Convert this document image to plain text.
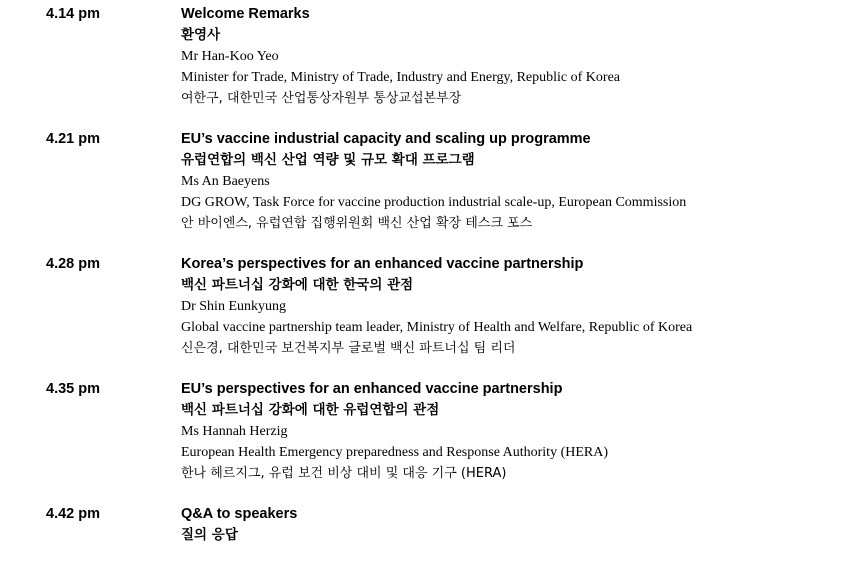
4.14 pm	Welcome Remarks
환영사
Mr Han-Koo Yeo
Minister for Trade, Ministry of Trade, Industry and Energy, Republic of Korea
여한구, 대한민국 산업통상자원부 통상교섭본부장
4.21 pm	EU’s vaccine industrial capacity and scaling up programme
유럽연합의 백신 산업 역량 및 규모 확대 프로그램
Ms An Baeyens
DG GROW, Task Force for vaccine production industrial scale-up, European Commission
안 바이엔스, 유럽연합 집행위원회 백신 산업 확장 테스크 포스
4.28 pm	Korea’s perspectives for an enhanced vaccine partnership
백신 파트너십 강화에 대한 한국의 관점
Dr Shin Eunkyung
Global vaccine partnership team leader, Ministry of Health and Welfare, Republic of Korea
신은경, 대한민국 보건복지부 글로벌 백신 파트너십 팀 리더
4.35 pm	EU’s perspectives for an enhanced vaccine partnership
백신 파트너십 강화에 대한 유럽연합의 관점
Ms Hannah Herzig
European Health Emergency preparedness and Response Authority (HERA)
한나 헤르지그, 유럽 보건 비상 대비 및 대응 기구 (HERA)
4.42 pm	Q&A to speakers
질의 응답
